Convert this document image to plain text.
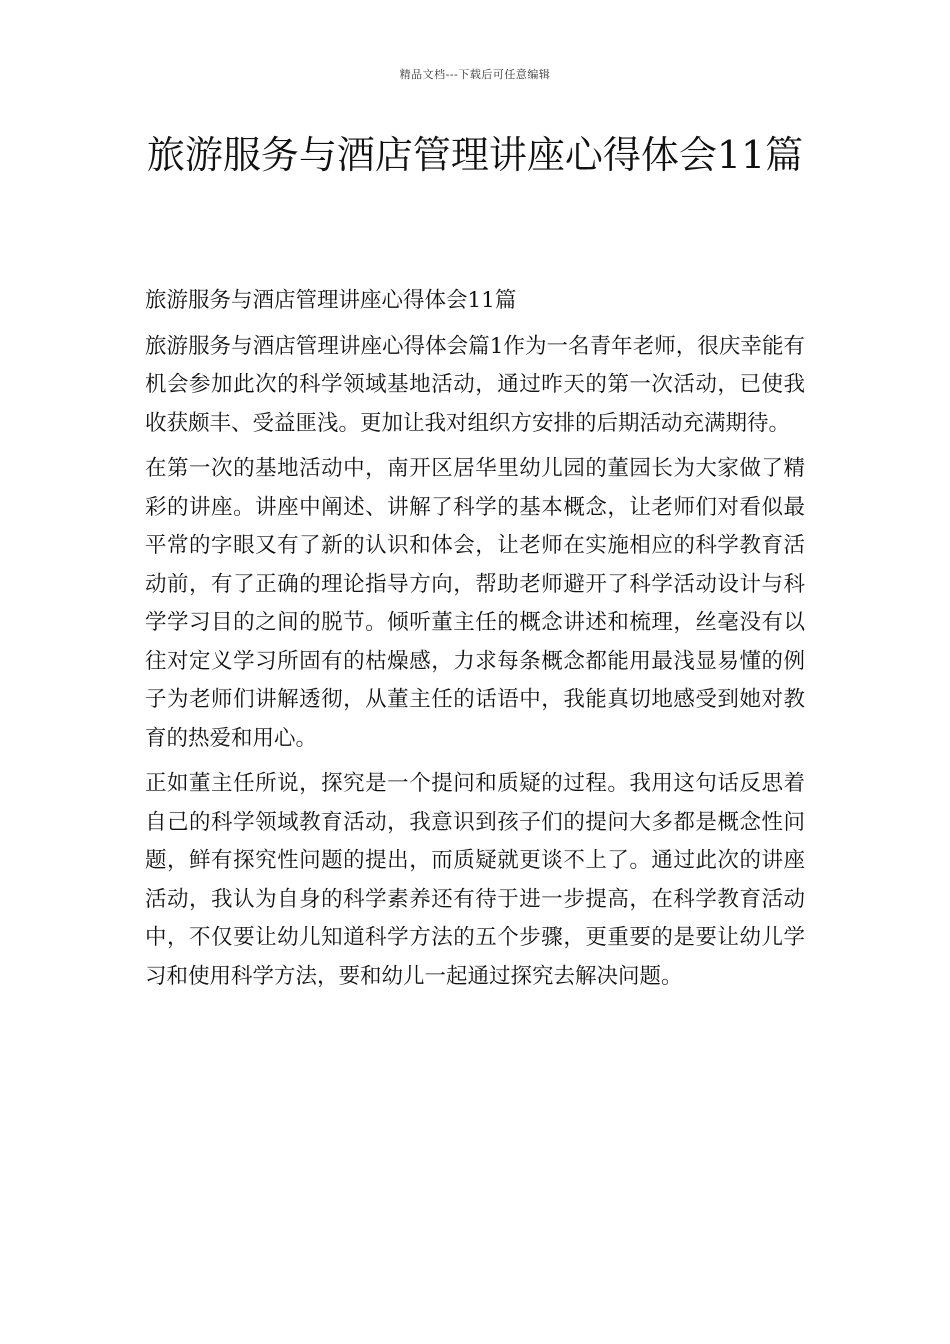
精品文档---下载后可任意编辑
旅游服务与酒店管理讲座心得体会11篇

旅游服务与酒店管理讲座心得体会11篇

旅游服务与酒店管理讲座心得体会篇1作为一名青年老师，很庆幸能有机会参加此次的科学领域基地活动，通过昨天的第一次活动，已使我收获颇丰、受益匪浅。更加让我对组织方安排的后期活动充满期待。

在第一次的基地活动中，南开区居华里幼儿园的董园长为大家做了精彩的讲座。讲座中阐述、讲解了科学的基本概念，让老师们对看似最平常的字眼又有了新的认识和体会，让老师在实施相应的科学教育活动前，有了正确的理论指导方向，帮助老师避开了科学活动设计与科学学习目的之间的脱节。倾听董主任的概念讲述和梳理，丝毫没有以往对定义学习所固有的枯燥感，力求每条概念都能用最浅显易懂的例子为老师们讲解透彻，从董主任的话语中，我能真切地感受到她对教育的热爱和用心。

正如董主任所说，探究是一个提问和质疑的过程。我用这句话反思着自己的科学领域教育活动，我意识到孩子们的提问大多都是概念性问题，鲜有探究性问题的提出，而质疑就更谈不上了。通过此次的讲座活动，我认为自身的科学素养还有待于进一步提高，在科学教育活动中，不仅要让幼儿知道科学方法的五个步骤，更重要的是要让幼儿学习和使用科学方法，要和幼儿一起通过探究去解决问题。
